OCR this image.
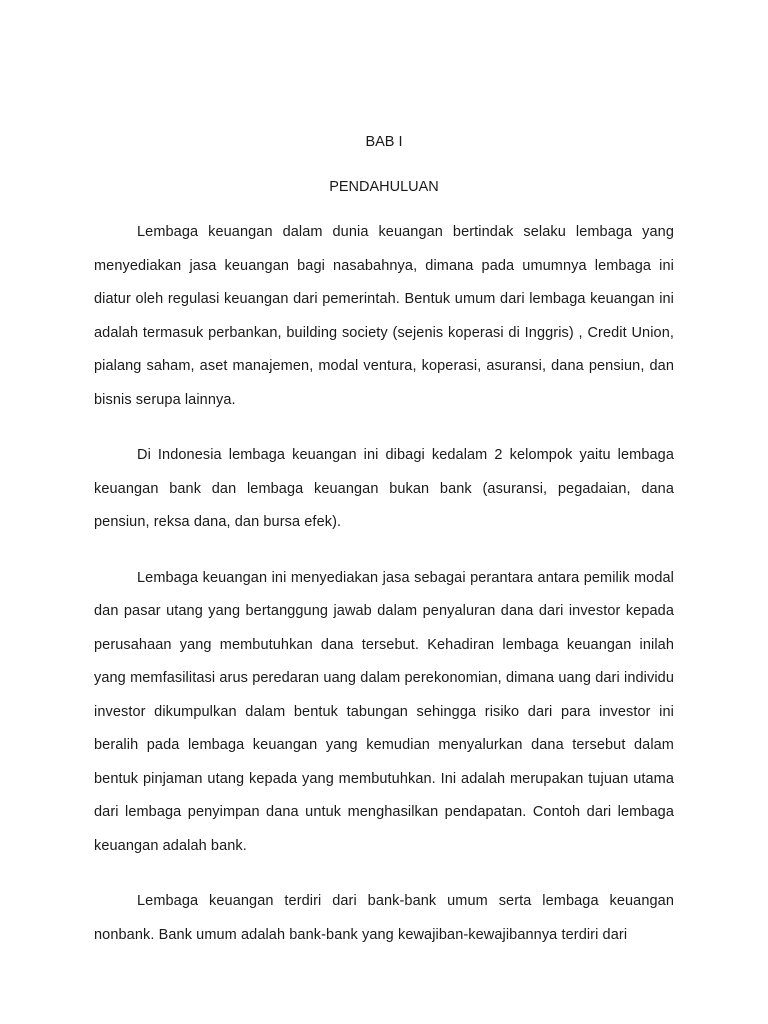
BAB I

PENDAHULUAN

Lembaga keuangan dalam dunia keuangan bertindak selaku lembaga yang menyediakan jasa keuangan bagi nasabahnya, dimana pada umumnya lembaga ini diatur oleh regulasi keuangan dari pemerintah. Bentuk umum dari lembaga keuangan ini adalah termasuk perbankan, building society (sejenis koperasi di Inggris) , Credit Union, pialang saham, aset manajemen, modal ventura, koperasi, asuransi, dana pensiun, dan bisnis serupa lainnya.

Di Indonesia lembaga keuangan ini dibagi kedalam 2 kelompok yaitu lembaga keuangan bank dan lembaga keuangan bukan bank (asuransi, pegadaian, dana pensiun, reksa dana, dan bursa efek).

Lembaga keuangan ini menyediakan jasa sebagai perantara antara pemilik modal dan pasar utang yang bertanggung jawab dalam penyaluran dana dari investor kepada perusahaan yang membutuhkan dana tersebut. Kehadiran lembaga keuangan inilah yang memfasilitasi arus peredaran uang dalam perekonomian, dimana uang dari individu investor dikumpulkan dalam bentuk tabungan sehingga risiko dari para investor ini beralih pada lembaga keuangan yang kemudian menyalurkan dana tersebut dalam bentuk pinjaman utang kepada yang membutuhkan. Ini adalah merupakan tujuan utama dari lembaga penyimpan dana untuk menghasilkan pendapatan. Contoh dari lembaga keuangan adalah bank.

Lembaga keuangan terdiri dari bank-bank umum serta lembaga keuangan nonbank. Bank umum adalah bank-bank yang kewajiban-kewajibannya terdiri dari
